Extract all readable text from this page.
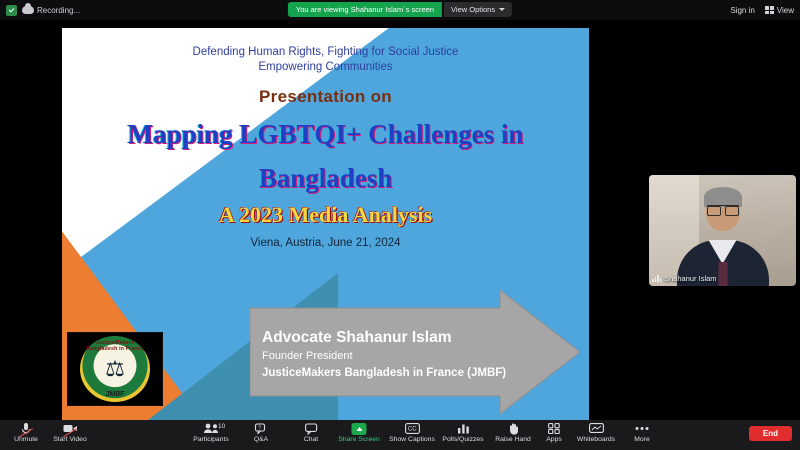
Recording...	You are viewing Shahanur Islam`s screen	View Options	Sign in	View
Defending Human Rights, Fighting for Social Justice
Empowering Communities
Presentation on
Mapping LGBTQI+ Challenges in
Bangladesh
A 2023 Media Analysis
Viena, Austria, June 21, 2024
Advocate Shahanur Islam
Founder President
JusticeMakers Bangladesh in France (JMBF)
JusticeMakers Bangladesh in France
⚖
JMBF
Shahanur Islam
Unmute	Start Video
10
Participants
?
Q&A	Chat	Share Screen
CC
Show Captions	Polls/Quizzes	Raise Hand	Apps	Whiteboards	More
End
